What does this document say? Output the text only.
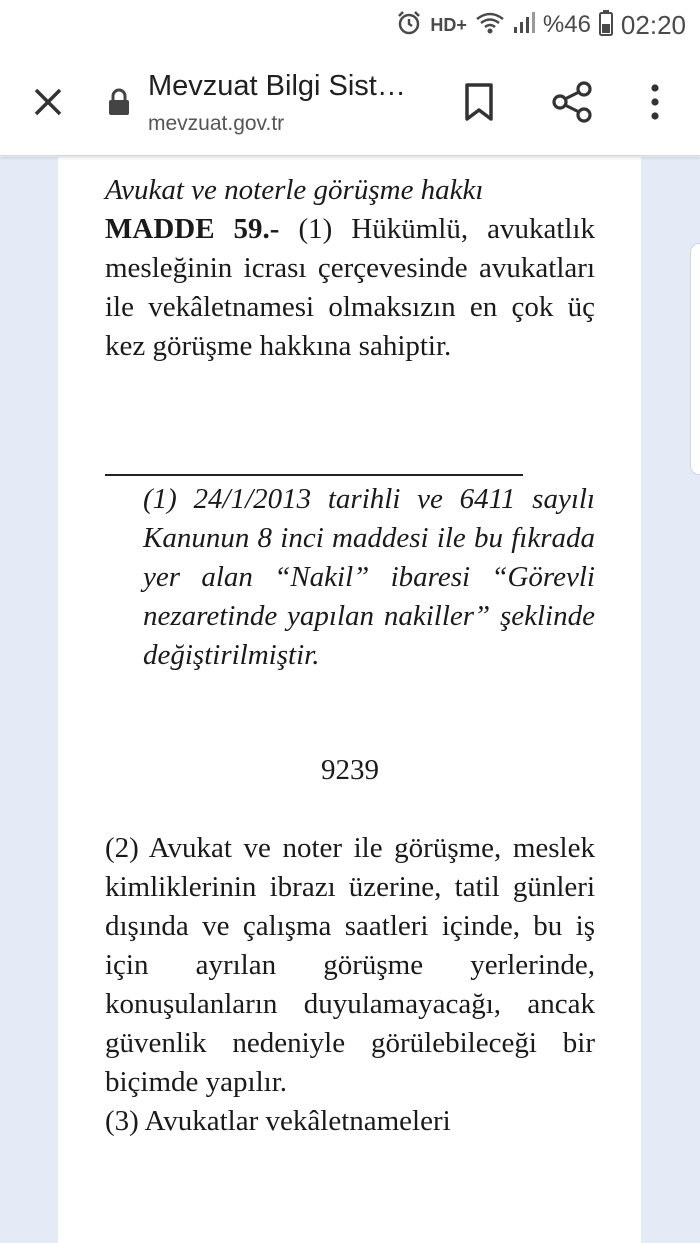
HD+	%46 02:20
Mevzuat Bilgi Sist…
mevzuat.gov.tr
Avukat ve noterle görüşme hakkı
MADDE 59.- (1) Hükümlü, avukatlık mesleğinin icrası çerçevesinde avukatları ile vekâletnamesi olmaksızın en çok üç kez görüşme hakkına sahiptir.
(1) 24/1/2013 tarihli ve 6411 sayılı Kanunun 8 inci maddesi ile bu fıkrada yer alan “Nakil” ibaresi “Görevli nezaretinde yapılan nakiller” şeklinde değiştirilmiştir.
9239
(2) Avukat ve noter ile görüşme, meslek kimliklerinin ibrazı üzerine, tatil günleri dışında ve çalışma saatleri içinde, bu iş için ayrılan görüşme yerlerinde, konuşulanların duyulamayacağı, ancak güvenlik nedeniyle görülebileceği bir biçimde yapılır.
(3) Avukatlar vekâletnameleri
